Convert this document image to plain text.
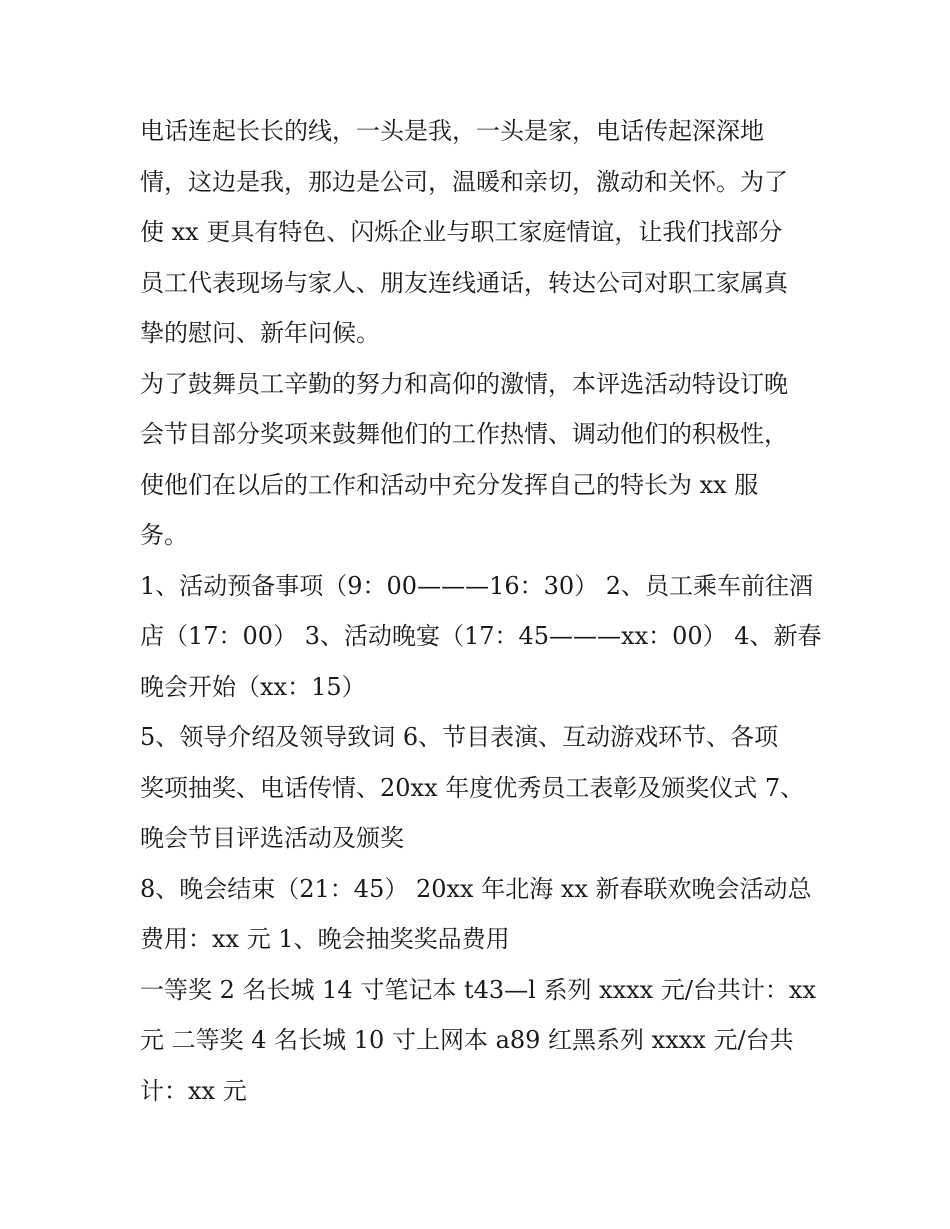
电话连起长长的线，一头是我，一头是家，电话传起深深地
情，这边是我，那边是公司，温暖和亲切，激动和关怀。为了
使 xx 更具有特色、闪烁企业与职工家庭情谊，让我们找部分
员工代表现场与家人、朋友连线通话，转达公司对职工家属真
挚的慰问、新年问候。

为了鼓舞员工辛勤的努力和高仰的激情，本评选活动特设订晚
会节目部分奖项来鼓舞他们的工作热情、调动他们的积极性，
使他们在以后的工作和活动中充分发挥自己的特长为 xx 服
务。

1、活动预备事项（9：00———16：30） 2、员工乘车前往酒
店（17：00） 3、活动晚宴（17：45———xx：00） 4、新春
晚会开始（xx：15）

5、领导介绍及领导致词 6、节目表演、互动游戏环节、各项
奖项抽奖、电话传情、20xx 年度优秀员工表彰及颁奖仪式 7、
晚会节目评选活动及颁奖

8、晚会结束（21：45） 20xx 年北海 xx 新春联欢晚会活动总
费用：xx 元 1、晚会抽奖奖品费用

一等奖 2 名长城 14 寸笔记本 t43—l 系列 xxxx 元/台共计：xx
元 二等奖 4 名长城 10 寸上网本 a89 红黑系列 xxxx 元/台共
计：xx 元
